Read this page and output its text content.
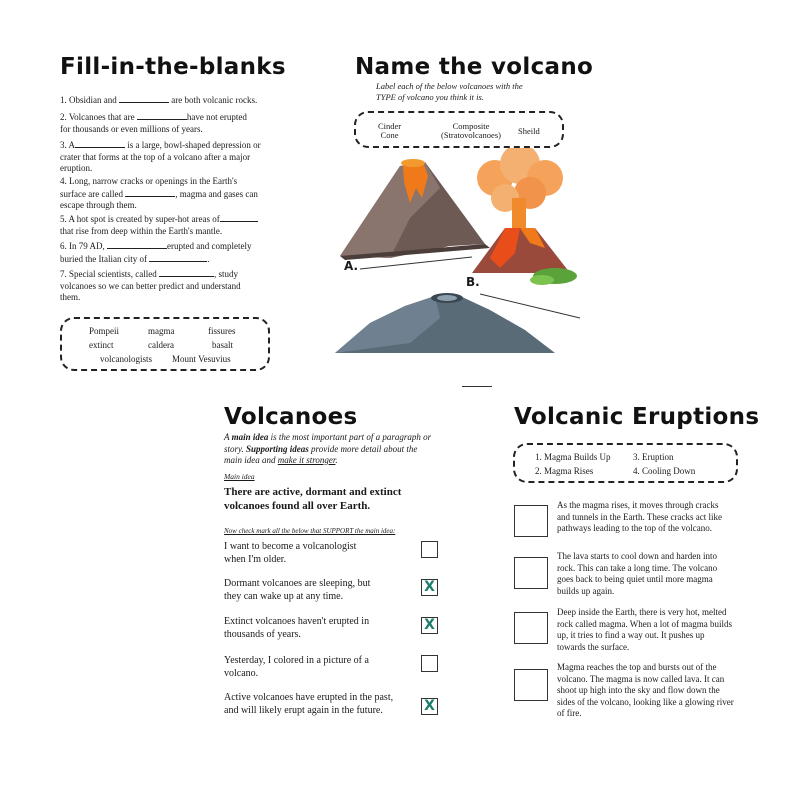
Fill-in-the-blanks
1. Obsidian and	are both volcanic rocks.
2. Volcanoes that are	have not erupted
for thousands or even millions of years.
3. A	is a large, bowl-shaped depression or
crater that forms at the top of a volcano after a major
eruption.
4. Long, narrow cracks or openings in the Earth's
surface are called	, magma and gases can
escape through them.
5. A hot spot is created by super-hot areas of
that rise from deep within the Earth's mantle.
6. In 79 AD,	erupted and completely
buried the Italian city of	.
7. Special scientists, called	, study
volcanoes so we can better predict and understand
them.
Pompeii	magma	fissures
extinct	caldera	basalt
volcanologists Mount Vesuvius
Name the volcano
Label each of the below volcanoes with the
TYPE of volcano you think it is.
Cinder
Cone
Composite
(Stratovolcanoes)	Sheild
A.
B.
Volcanoes
A main idea is the most important part of a paragraph or
story. Supporting ideas provide more detail about the
main idea and make it stronger.
Main idea
There are active, dormant and extinct
volcanoes found all over Earth.
Now check mark all the below that SUPPORT the main idea:
I want to become a volcanologist
when I'm older.
Dormant volcanoes are sleeping, but
they can wake up at any time.
X
Extinct volcanoes haven't erupted in
thousands of years.
X
Yesterday, I colored in a picture of a
volcano.
Active volcanoes have erupted in the past,
and will likely erupt again in the future.	X
Volcanic Eruptions
1. Magma Builds Up	3. Eruption
2. Magma Rises	4. Cooling Down
As the magma rises, it moves through cracks
and tunnels in the Earth. These cracks act like
pathways leading to the top of the volcano.
The lava starts to cool down and harden into
rock. This can take a long time. The volcano
goes back to being quiet until more magma
builds up again.
Deep inside the Earth, there is very hot, melted
rock called magma. When a lot of magma builds
up, it tries to find a way out. It pushes up
towards the surface.
Magma reaches the top and bursts out of the
volcano. The magma is now called lava. It can
shoot up high into the sky and flow down the
sides of the volcano, looking like a glowing river
of fire.
